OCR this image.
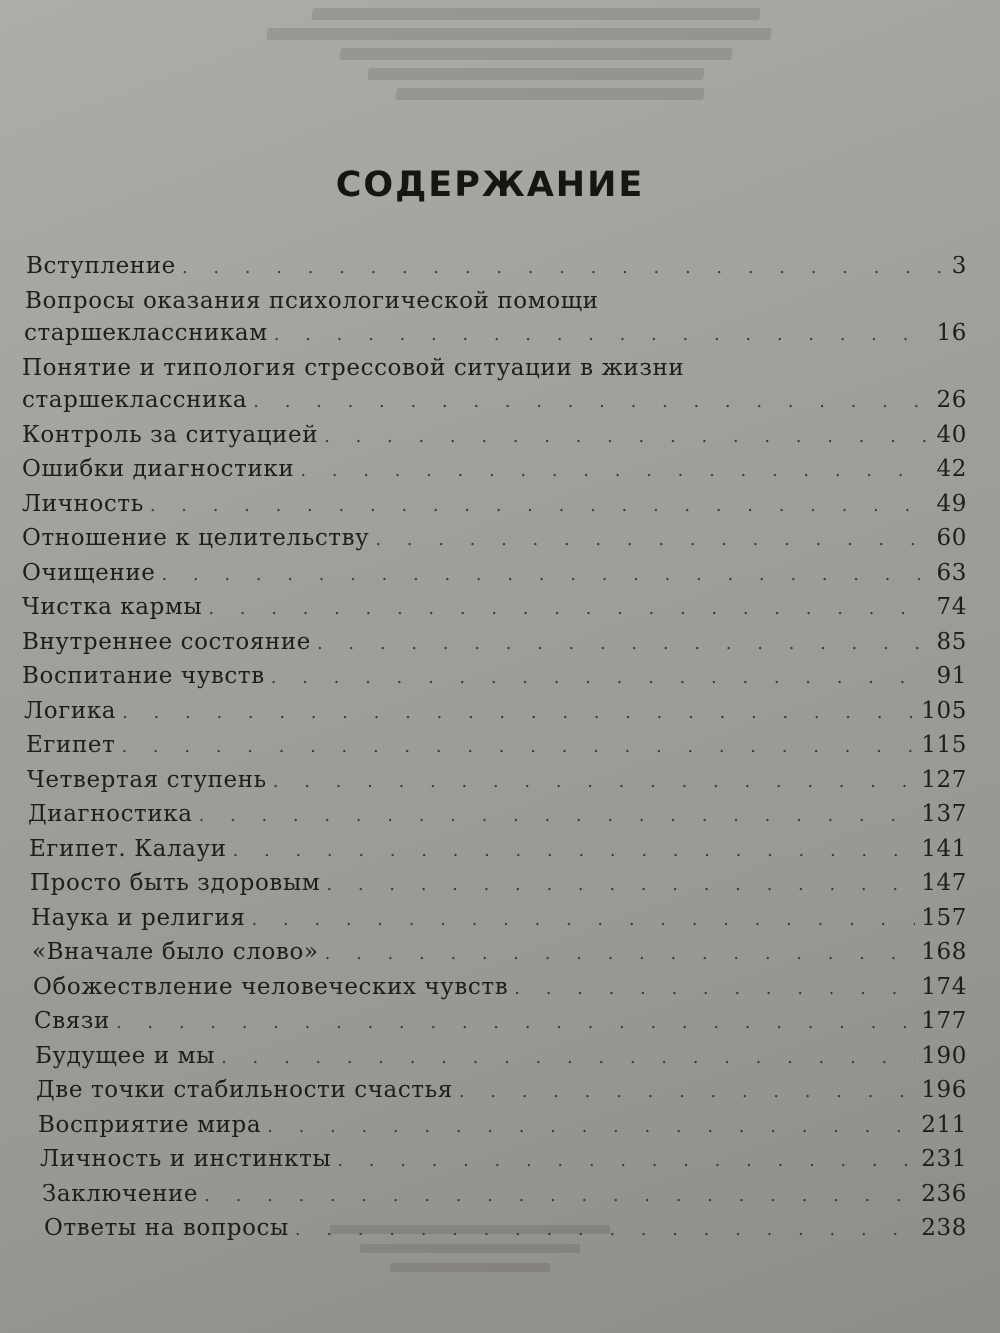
СОДЕРЖАНИЕ
Вступление . . .	3
Вопросы оказания психологической помощи
старшеклассникам . . .	16
Понятие и типология стрессовой ситуации в жизни
старшеклассника . . .	26
Контроль за ситуацией . . .	40
Ошибки диагностики . . .	42
Личность . . .	49
Отношение к целительству . . .	60
Очищение . . .	63
Чистка кармы . . .	74
Внутреннее состояние . . .	85
Воспитание чувств . . .	91
Логика . . .	105
Египет . . .	115
Четвертая ступень . . .	127
Диагностика . . .	137
Египет. Калауи . . .	141
Просто быть здоровым . . .	147
Наука и религия . . .	157
«Вначале было слово» . . .	168
Обожествление человеческих чувств . . .	174
Связи . . .	177
Будущее и мы . . .	190
Две точки стабильности счастья . . .	196
Восприятие мира . . .	211
Личность и инстинкты . . .	231
Заключение . . .	236
Ответы на вопросы . . .	238
